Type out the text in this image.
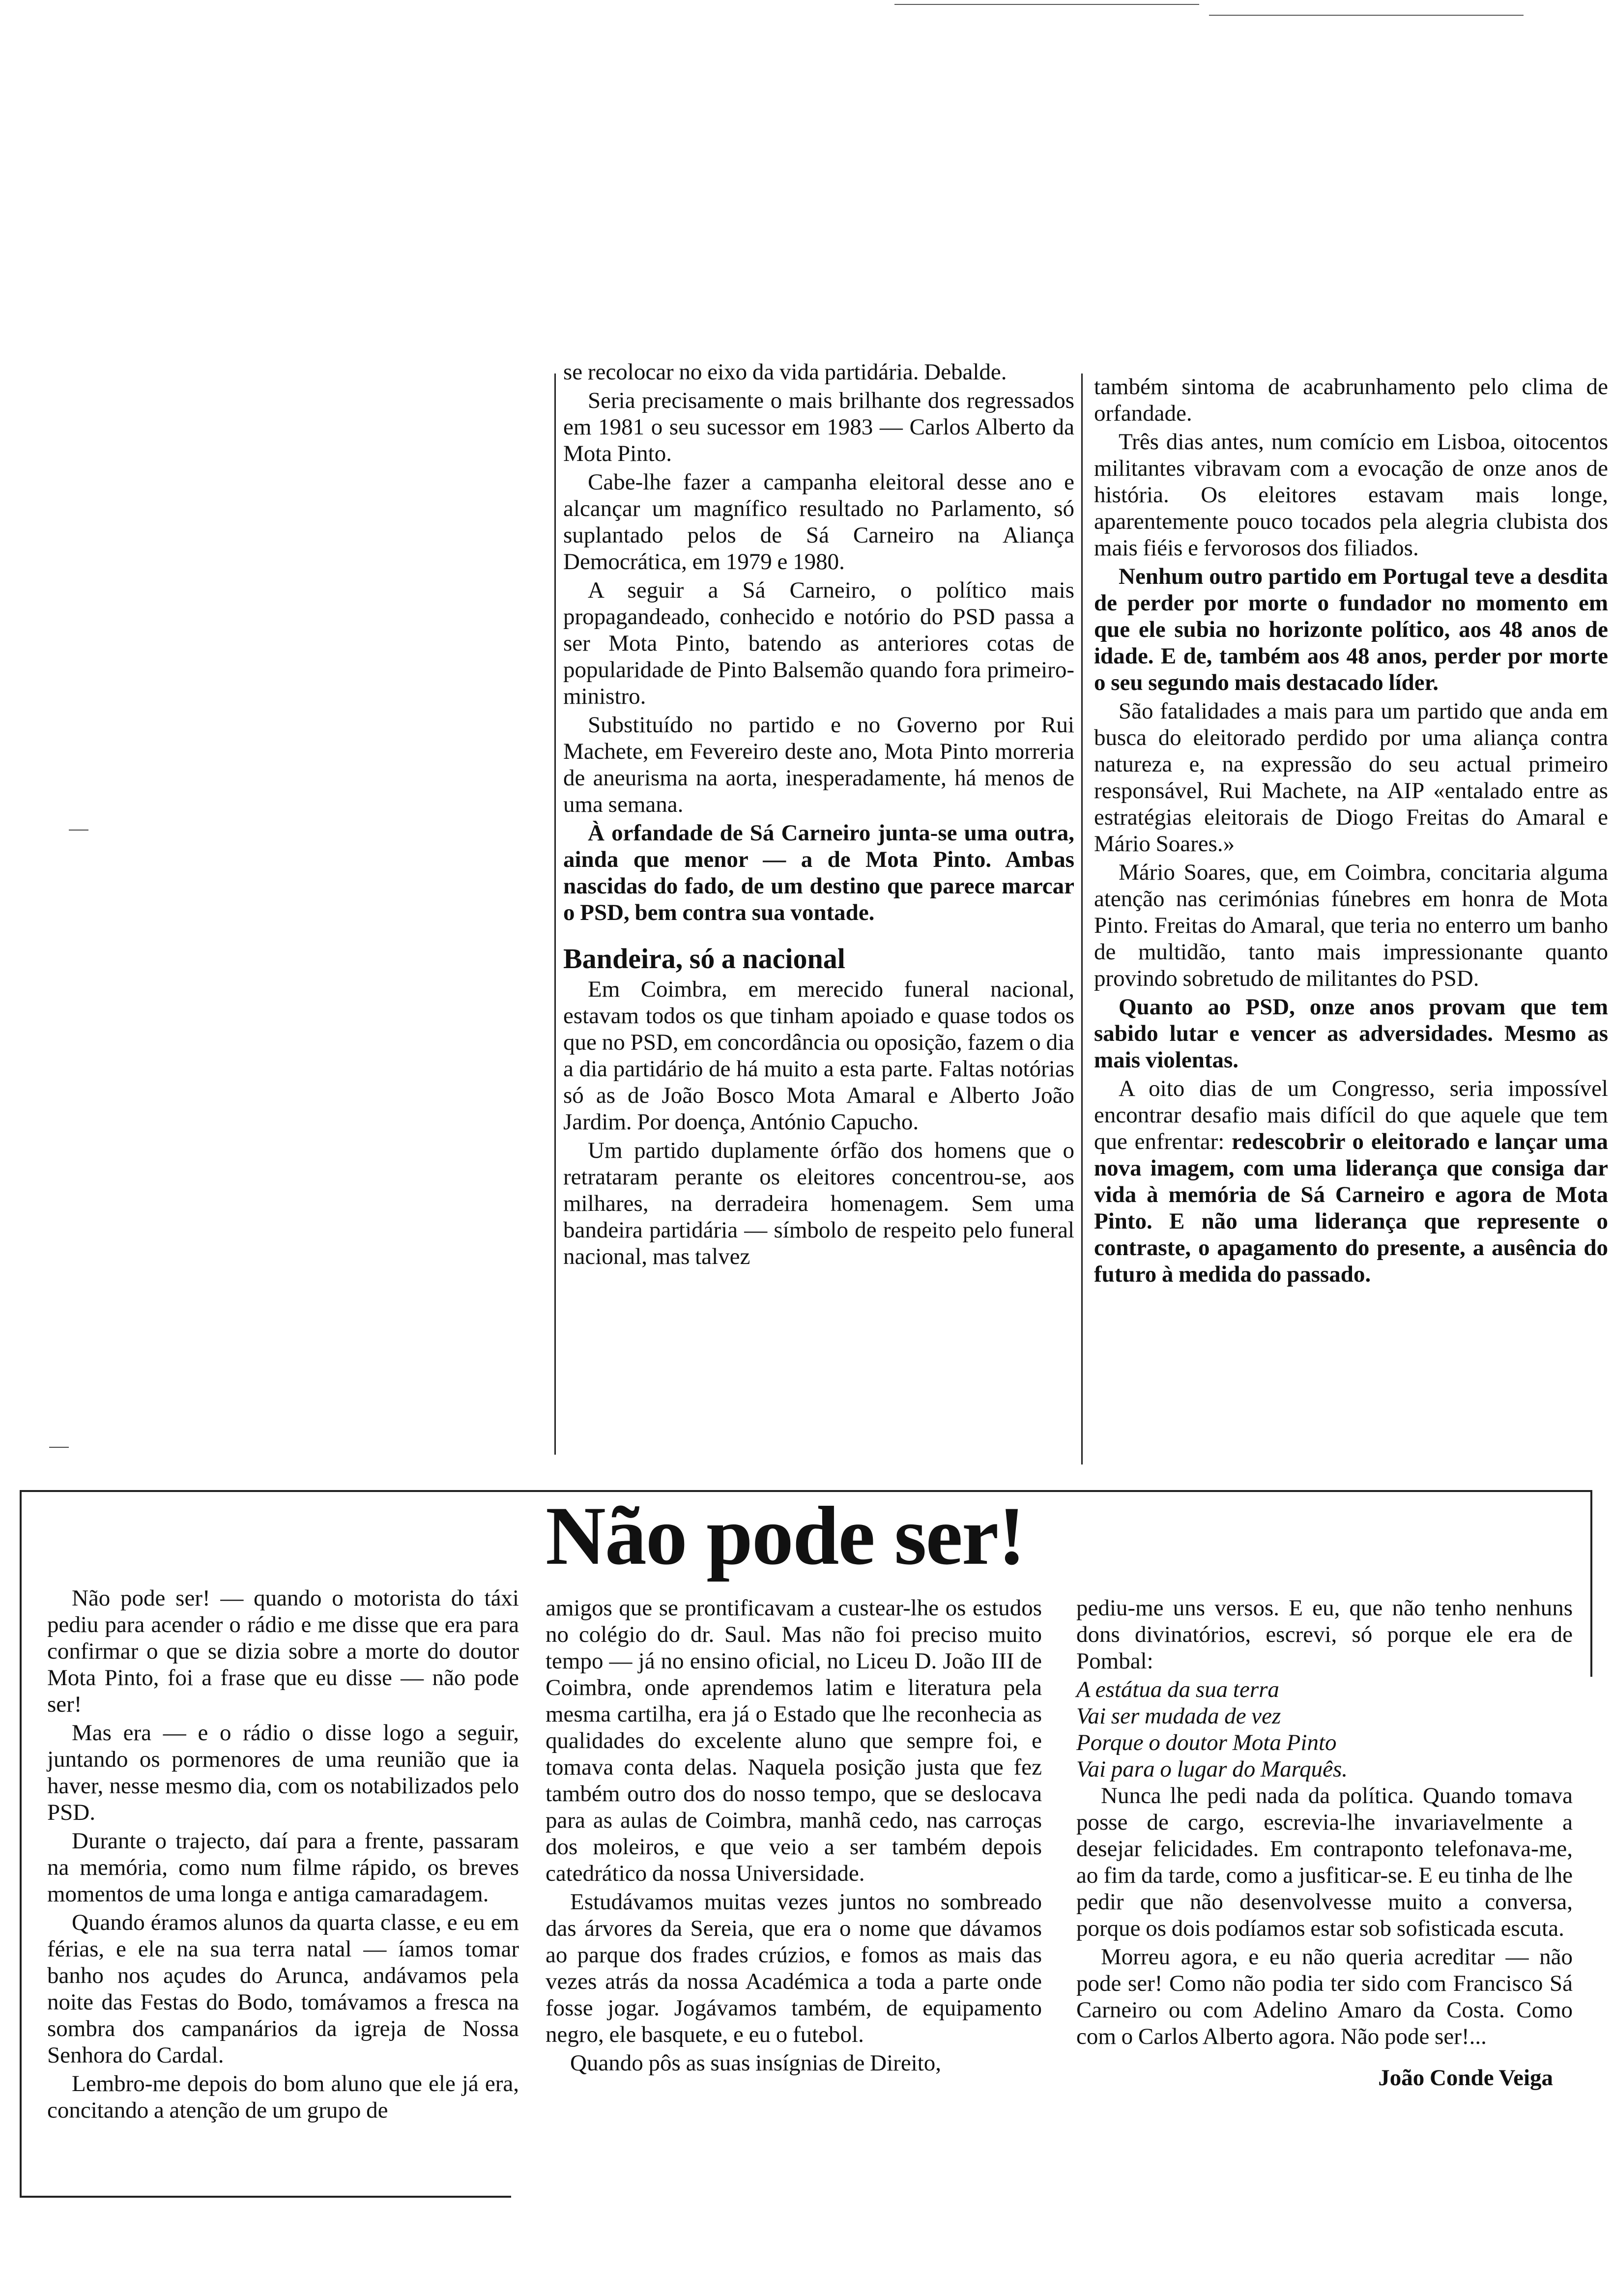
se recolocar no eixo da vida partidária. Debalde.

Seria precisamente o mais brilhante dos regressados em 1981 o seu sucessor em 1983 — Carlos Alberto da Mota Pinto.

Cabe-lhe fazer a campanha eleitoral desse ano e alcançar um magnífico resultado no Parlamento, só suplantado pelos de Sá Carneiro na Aliança Democrática, em 1979 e 1980.

A seguir a Sá Carneiro, o político mais propagandeado, conhecido e notório do PSD passa a ser Mota Pinto, batendo as anteriores cotas de popularidade de Pinto Balsemão quando fora primeiro-ministro.

Substituído no partido e no Governo por Rui Machete, em Fevereiro deste ano, Mota Pinto morreria de aneurisma na aorta, inesperadamente, há menos de uma semana.

À orfandade de Sá Carneiro junta-se uma outra, ainda que menor — a de Mota Pinto. Ambas nascidas do fado, de um destino que parece marcar o PSD, bem contra sua vontade.

Bandeira, só a nacional

Em Coimbra, em merecido funeral nacional, estavam todos os que tinham apoiado e quase todos os que no PSD, em concordância ou oposição, fazem o dia a dia partidário de há muito a esta parte. Faltas notórias só as de João Bosco Mota Amaral e Alberto João Jardim. Por doença, António Capucho.

Um partido duplamente órfão dos homens que o retrataram perante os eleitores concentrou-se, aos milhares, na derradeira homenagem. Sem uma bandeira partidária — símbolo de respeito pelo funeral nacional, mas talvez

também sintoma de acabrunhamento pelo clima de orfandade.

Três dias antes, num comício em Lisboa, oitocentos militantes vibravam com a evocação de onze anos de história. Os eleitores estavam mais longe, aparentemente pouco tocados pela alegria clubista dos mais fiéis e fervorosos dos filiados.

Nenhum outro partido em Portugal teve a desdita de perder por morte o fundador no momento em que ele subia no horizonte político, aos 48 anos de idade. E de, também aos 48 anos, perder por morte o seu segundo mais destacado líder.

São fatalidades a mais para um partido que anda em busca do eleitorado perdido por uma aliança contra natureza e, na expressão do seu actual primeiro responsável, Rui Machete, na AIP «entalado entre as estratégias eleitorais de Diogo Freitas do Amaral e Mário Soares.»

Mário Soares, que, em Coimbra, concitaria alguma atenção nas cerimónias fúnebres em honra de Mota Pinto. Freitas do Amaral, que teria no enterro um banho de multidão, tanto mais impressionante quanto provindo sobretudo de militantes do PSD.

Quanto ao PSD, onze anos provam que tem sabido lutar e vencer as adversidades. Mesmo as mais violentas.

A oito dias de um Congresso, seria impossível encontrar desafio mais difícil do que aquele que tem que enfrentar: redescobrir o eleitorado e lançar uma nova imagem, com uma liderança que consiga dar vida à memória de Sá Carneiro e agora de Mota Pinto. E não uma liderança que represente o contraste, o apagamento do presente, a ausência do futuro à medida do passado.

Não pode ser!

Não pode ser! — quando o motorista do táxi pediu para acender o rádio e me disse que era para confirmar o que se dizia sobre a morte do doutor Mota Pinto, foi a frase que eu disse — não pode ser!

Mas era — e o rádio o disse logo a seguir, juntando os pormenores de uma reunião que ia haver, nesse mesmo dia, com os notabilizados pelo PSD.

Durante o trajecto, daí para a frente, passaram na memória, como num filme rápido, os breves momentos de uma longa e antiga camaradagem.

Quando éramos alunos da quarta classe, e eu em férias, e ele na sua terra natal — íamos tomar banho nos açudes do Arunca, andávamos pela noite das Festas do Bodo, tomávamos a fresca na sombra dos campanários da igreja de Nossa Senhora do Cardal.

Lembro-me depois do bom aluno que ele já era, concitando a atenção de um grupo de

amigos que se prontificavam a custear-lhe os estudos no colégio do dr. Saul. Mas não foi preciso muito tempo — já no ensino oficial, no Liceu D. João III de Coimbra, onde aprendemos latim e literatura pela mesma cartilha, era já o Estado que lhe reconhecia as qualidades do excelente aluno que sempre foi, e tomava conta delas. Naquela posição justa que fez também outro dos do nosso tempo, que se deslocava para as aulas de Coimbra, manhã cedo, nas carroças dos moleiros, e que veio a ser também depois catedrático da nossa Universidade.

Estudávamos muitas vezes juntos no sombreado das árvores da Sereia, que era o nome que dávamos ao parque dos frades crúzios, e fomos as mais das vezes atrás da nossa Académica a toda a parte onde fosse jogar. Jogávamos também, de equipamento negro, ele basquete, e eu o futebol.

Quando pôs as suas insígnias de Direito,

pediu-me uns versos. E eu, que não tenho nenhuns dons divinatórios, escrevi, só porque ele era de Pombal:

A estátua da sua terra
Vai ser mudada de vez
Porque o doutor Mota Pinto
Vai para o lugar do Marquês.

Nunca lhe pedi nada da política. Quando tomava posse de cargo, escrevia-lhe invariavelmente a desejar felicidades. Em contraponto telefonava-me, ao fim da tarde, como a jusfiticar-se. E eu tinha de lhe pedir que não desenvolvesse muito a conversa, porque os dois podíamos estar sob sofisticada escuta.

Morreu agora, e eu não queria acreditar — não pode ser! Como não podia ter sido com Francisco Sá Carneiro ou com Adelino Amaro da Costa. Como com o Carlos Alberto agora. Não pode ser!...

João Conde Veiga
